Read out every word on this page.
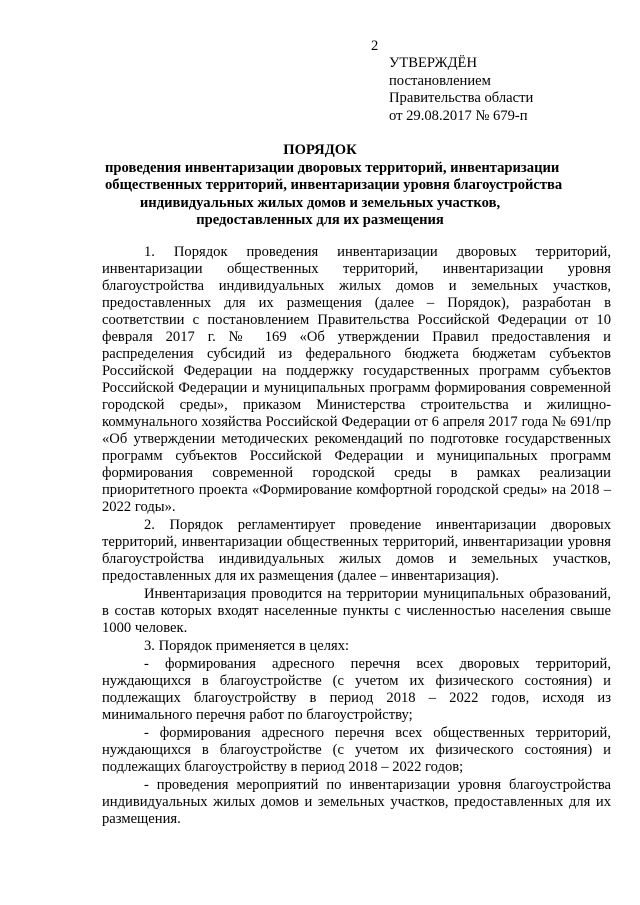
2
УТВЕРЖДЁН
постановлением
Правительства области
от 29.08.2017 № 679-п
ПОРЯДОК
проведения инвентаризации дворовых территорий, инвентаризации
общественных территорий, инвентаризации уровня благоустройства
индивидуальных жилых домов и земельных участков,
предоставленных для их размещения

1. Порядок проведения инвентаризации дворовых территорий, инвентаризации общественных территорий, инвентаризации уровня благоустройства индивидуальных жилых домов и земельных участков, предоставленных для их размещения (далее – Порядок), разработан в соответствии с постановлением Правительства Российской Федерации от 10 февраля 2017 г. № 169 «Об утверждении Правил предоставления и распределения субсидий из федерального бюджета бюджетам субъектов Российской Федерации на поддержку государственных программ субъектов Российской Федерации и муниципальных программ формирования современной городской среды», приказом Министерства строительства и жилищно-коммунального хозяйства Российской Федерации от 6 апреля 2017 года № 691/пр «Об утверждении методических рекомендаций по подготовке государственных программ субъектов Российской Федерации и муниципальных программ формирования современной городской среды в рамках реализации приоритетного проекта «Формирование комфортной городской среды» на 2018 – 2022 годы».

2. Порядок регламентирует проведение инвентаризации дворовых территорий, инвентаризации общественных территорий, инвентаризации уровня благоустройства индивидуальных жилых домов и земельных участков, предоставленных для их размещения (далее – инвентаризация).

Инвентаризация проводится на территории муниципальных образований, в состав которых входят населенные пункты с численностью населения свыше 1000 человек.

3. Порядок применяется в целях:

- формирования адресного перечня всех дворовых территорий, нуждающихся в благоустройстве (с учетом их физического состояния) и подлежащих благоустройству в период 2018 – 2022 годов, исходя из минимального перечня работ по благоустройству;

- формирования адресного перечня всех общественных территорий, нуждающихся в благоустройстве (с учетом их физического состояния) и подлежащих благоустройству в период 2018 – 2022 годов;

- проведения мероприятий по инвентаризации уровня благоустройства индивидуальных жилых домов и земельных участков, предоставленных для их размещения.
